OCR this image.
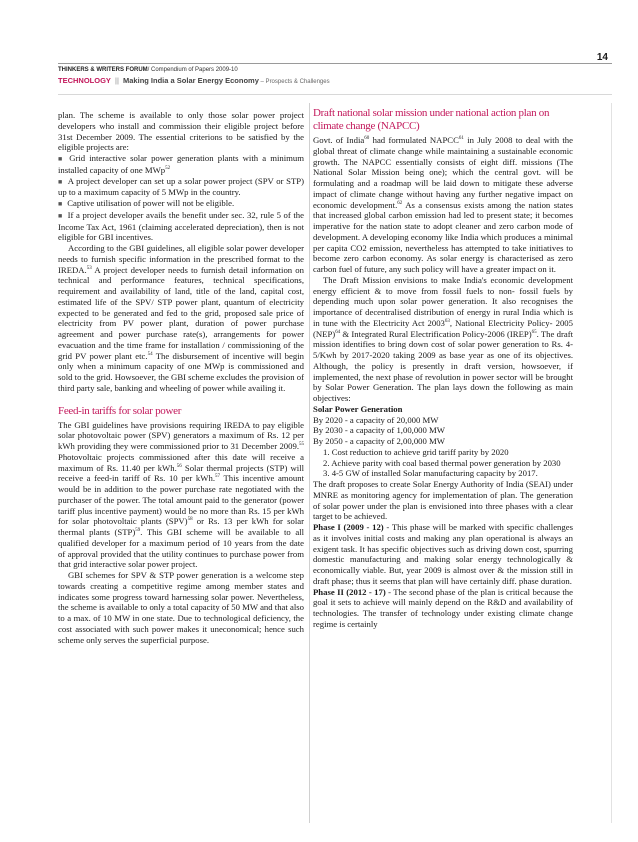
14
THINKERS & WRITERS FORUM/ Compendium of Papers 2009-10
TECHNOLOGY || Making India a Solar Energy Economy – Prospects & Challenges

plan. The scheme is available to only those solar power project developers who install and commission their eligible project before 31st December 2009. The essential criterions to be satisfied by the eligible projects are:

■ Grid interactive solar power generation plants with a minimum installed capacity of one MWp$^{52}$

■ A project developer can set up a solar power project (SPV or STP) up to a maximum capacity of 5 MWp in the country.

■ Captive utilisation of power will not be eligible.

■ If a project developer avails the benefit under sec. 32, rule 5 of the Income Tax Act, 1961 (claiming accelerated depreciation), then is not eligible for GBI incentives.

According to the GBI guidelines, all eligible solar power developer needs to furnish specific information in the prescribed format to the IREDA.$^{53}$ A project developer needs to furnish detail information on technical and performance features, technical specifications, requirement and availability of land, title of the land, capital cost, estimated life of the SPV/ STP power plant, quantum of electricity expected to be generated and fed to the grid, proposed sale price of electricity from PV power plant, duration of power purchase agreement and power purchase rate(s), arrangements for power evacuation and the time frame for installation / commissioning of the grid PV power plant etc.$^{54}$ The disbursement of incentive will begin only when a minimum capacity of one MWp is commissioned and sold to the grid. Howsoever, the GBI scheme excludes the provision of third party sale, banking and wheeling of power while availing it.

Feed-in tariffs for solar power

The GBI guidelines have provisions requiring IREDA to pay eligible solar photovoltaic power (SPV) generators a maximum of Rs. 12 per kWh providing they were commissioned prior to 31 December 2009.55 Photovoltaic projects commissioned after this date will receive a maximum of Rs. 11.40 per kWh.$^{56}$ Solar thermal projects (STP) will receive a feed-in tariff of Rs. 10 per kWh.$^{57}$ This incentive amount would be in addition to the power purchase rate negotiated with the purchaser of the power. The total amount paid to the generator (power tariff plus incentive payment) would be no more than Rs. 15 per kWh for solar photovoltaic plants (SPV)$^{58}$ or Rs. 13 per kWh for solar thermal plants (STP)$^{59}$. This GBI scheme will be available to all qualified developer for a maximum period of 10 years from the date of approval provided that the utility continues to purchase power from that grid interactive solar power project.

GBI schemes for SPV & STP power generation is a welcome step towards creating a competitive regime among member states and indicates some progress toward harnessing solar power. Nevertheless, the scheme is available to only a total capacity of 50 MW and that also to a max. of 10 MW in one state. Due to technological deficiency, the cost associated with such power makes it uneconomical; hence such scheme only serves the superficial purpose.

Draft national solar mission under national action plan on climate change (NAPCC)

Govt. of India$^{60}$ had formulated NAPCC$^{61}$ in July 2008 to deal with the global threat of climate change while maintaining a sustainable economic growth. The NAPCC essentially consists of eight diff. missions (The National Solar Mission being one); which the central govt. will be formulating and a roadmap will be laid down to mitigate these adverse impact of climate change without having any further negative impact on economic development.$^{62}$ As a consensus exists among the nation states that increased global carbon emission had led to present state; it becomes imperative for the nation state to adopt cleaner and zero carbon mode of development. A developing economy like India which produces a minimal per capita CO2 emission, nevertheless has attempted to take initiatives to become zero carbon economy. As solar energy is characterised as zero carbon fuel of future, any such policy will have a greater impact on it.

The Draft Mission envisions to make India's economic development energy efficient & to move from fossil fuels to non- fossil fuels by depending much upon solar power generation. It also recognises the importance of decentralised distribution of energy in rural India which is in tune with the Electricity Act 2003$^{63}$, National Electricity Policy- 2005 (NEP)$^{64}$ & Integrated Rural Electrification Policy-2006 (IREP)$^{65}$. The draft mission identifies to bring down cost of solar power generation to Rs. 4-5/Kwh by 2017-2020 taking 2009 as base year as one of its objectives. Although, the policy is presently in draft version, howsoever, if implemented, the next phase of revolution in power sector will be brought by Solar Power Generation. The plan lays down the following as main objectives:

Solar Power Generation

By 2020 - a capacity of 20,000 MW

By 2030 - a capacity of 1,00,000 MW

By 2050 - a capacity of 2,00,000 MW

1. Cost reduction to achieve grid tariff parity by 2020

2. Achieve parity with coal based thermal power generation by 2030

3. 4-5 GW of installed Solar manufacturing capacity by 2017.

The draft proposes to create Solar Energy Authority of India (SEAI) under MNRE as monitoring agency for implementation of plan. The generation of solar power under the plan is envisioned into three phases with a clear target to be achieved.

Phase I (2009 - 12) - This phase will be marked with specific challenges as it involves initial costs and making any plan operational is always an exigent task. It has specific objectives such as driving down cost, spurring domestic manufacturing and making solar energy technologically & economically viable. But, year 2009 is almost over & the mission still in draft phase; thus it seems that plan will have certainly diff. phase duration.

Phase II (2012 - 17) - The second phase of the plan is critical because the goal it sets to achieve will mainly depend on the R&D and availability of technologies. The transfer of technology under existing climate change regime is certainly
